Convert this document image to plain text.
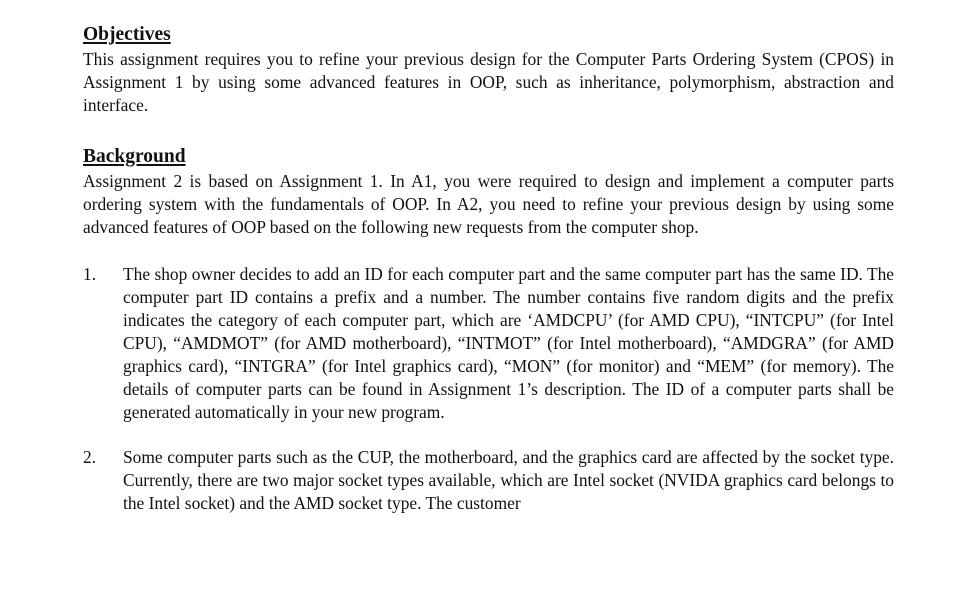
Objectives

This assignment requires you to refine your previous design for the Computer Parts Ordering System (CPOS) in Assignment 1 by using some advanced features in OOP, such as inheritance, polymorphism, abstraction and interface.

Background

Assignment 2 is based on Assignment 1. In A1, you were required to design and implement a computer parts ordering system with the fundamentals of OOP. In A2, you need to refine your previous design by using some advanced features of OOP based on the following new requests from the computer shop.

1. The shop owner decides to add an ID for each computer part and the same computer part has the same ID. The computer part ID contains a prefix and a number. The number contains five random digits and the prefix indicates the category of each computer part, which are ‘AMDCPU’ (for AMD CPU), “INTCPU” (for Intel CPU), “AMDMOT” (for AMD motherboard), “INTMOT” (for Intel motherboard), “AMDGRA” (for AMD graphics card), “INTGRA” (for Intel graphics card), “MON” (for monitor) and “MEM” (for memory). The details of computer parts can be found in Assignment 1’s description. The ID of a computer parts shall be generated automatically in your new program.
2. Some computer parts such as the CUP, the motherboard, and the graphics card are affected by the socket type. Currently, there are two major socket types available, which are Intel socket (NVIDA graphics card belongs to the Intel socket) and the AMD socket type. The customer
